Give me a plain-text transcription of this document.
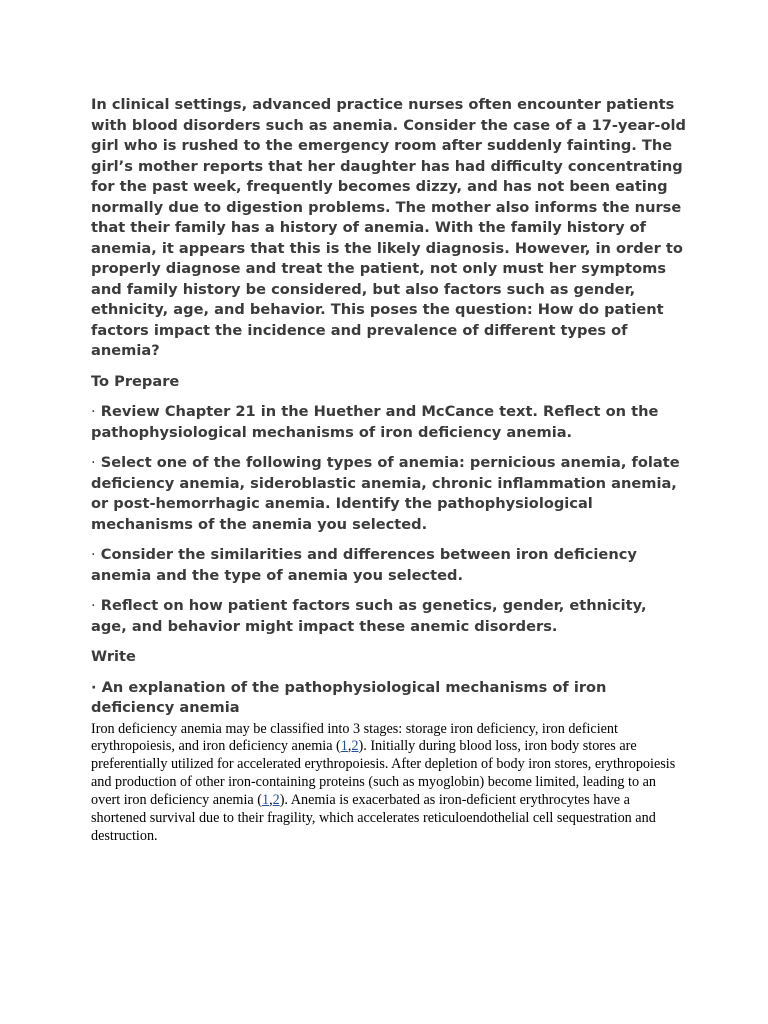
In clinical settings, advanced practice nurses often encounter patients with blood disorders such as anemia. Consider the case of a 17-year-old girl who is rushed to the emergency room after suddenly fainting. The girl’s mother reports that her daughter has had difficulty concentrating for the past week, frequently becomes dizzy, and has not been eating normally due to digestion problems. The mother also informs the nurse that their family has a history of anemia. With the family history of anemia, it appears that this is the likely diagnosis. However, in order to properly diagnose and treat the patient, not only must her symptoms and family history be considered, but also factors such as gender, ethnicity, age, and behavior. This poses the question: How do patient factors impact the incidence and prevalence of different types of anemia?

To Prepare

· Review Chapter 21 in the Huether and McCance text. Reflect on the pathophysiological mechanisms of iron deficiency anemia.

· Select one of the following types of anemia: pernicious anemia, folate deficiency anemia, sideroblastic anemia, chronic inflammation anemia, or post-hemorrhagic anemia. Identify the pathophysiological mechanisms of the anemia you selected.

· Consider the similarities and differences between iron deficiency anemia and the type of anemia you selected.

· Reflect on how patient factors such as genetics, gender, ethnicity, age, and behavior might impact these anemic disorders.

Write

· An explanation of the pathophysiological mechanisms of iron deficiency anemia

Iron deficiency anemia may be classified into 3 stages: storage iron deficiency, iron deficient erythropoiesis, and iron deficiency anemia (1,2). Initially during blood loss, iron body stores are preferentially utilized for accelerated erythropoiesis. After depletion of body iron stores, erythropoiesis and production of other iron-containing proteins (such as myoglobin) become limited, leading to an overt iron deficiency anemia (1,2). Anemia is exacerbated as iron-deficient erythrocytes have a shortened survival due to their fragility, which accelerates reticuloendothelial cell sequestration and destruction.
